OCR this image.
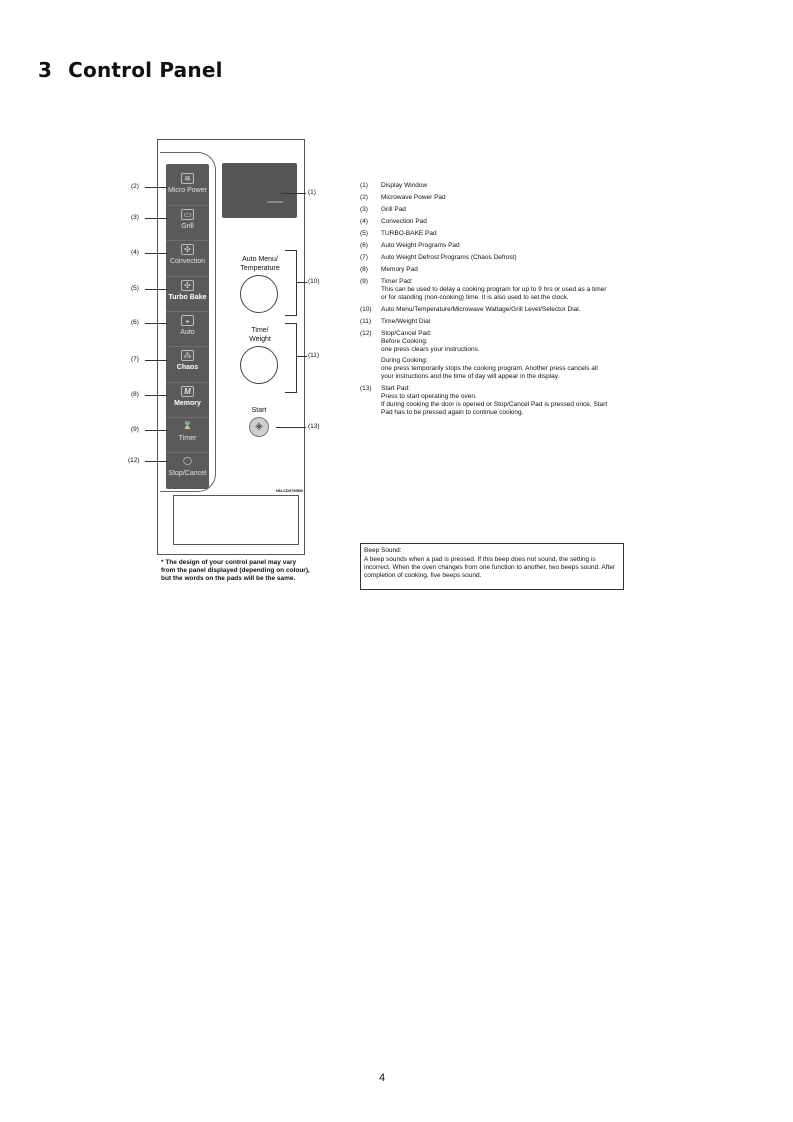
3 Control Panel
≋
Micro Power
▭
Grill
✣
Convection
✣
Turbo Bake
◒
Auto
⁂
Chaos
M
Memory
⌛
Timer
◯
Stop/Cancel
Auto Menu/
Temperature
Time/
Weight
Start
◈
NN-CD37KBW
(2)
(3)
(4)
(5)
(6)
(7)
(8)
(9)
(12)
(1)
(10)
(11)
(13)
* The design of your control panel may vary from the panel displayed (depending on colour), but the words on the pads will be the same.
(1)	Display Window
(2)	Microwave Power Pad
(3)	Grill Pad
(4)	Convection Pad
(5)	TURBO-BAKE Pad
(6)	Auto Weight Programs Pad
(7)	Auto Weight Defrost Programs (Chaos Defrost)
(8)	Memory Pad
(9)	Timer Pad:
This can be used to delay a cooking program for up to 9 hrs or used as a timer or for standing (non-cooking) time. It is also used to set the clock.
(10)	Auto Menu/Temperature/Microwave Wattage/Grill Level/Selector Dial.
(11)	Time/Weight Dial
(12)	Stop/Cancel Pad:
Before Cooking:
one press clears your instructions.
During Cooking:
one press temporarily stops the cooking program. Another press cancels all your instructions and the time of day will appear in the display.
(13)	Start Pad:
Press to start operating the oven.
If during cooking the door is opened or Stop/Cancel Pad is pressed once, Start Pad has to be pressed again to continue cooking.
Beep Sound:
A beep sounds when a pad is pressed. If this beep does not sound, the setting is incorrect. When the oven changes from one function to another, two beeps sound. After completion of cooking, five beeps sound.
4
